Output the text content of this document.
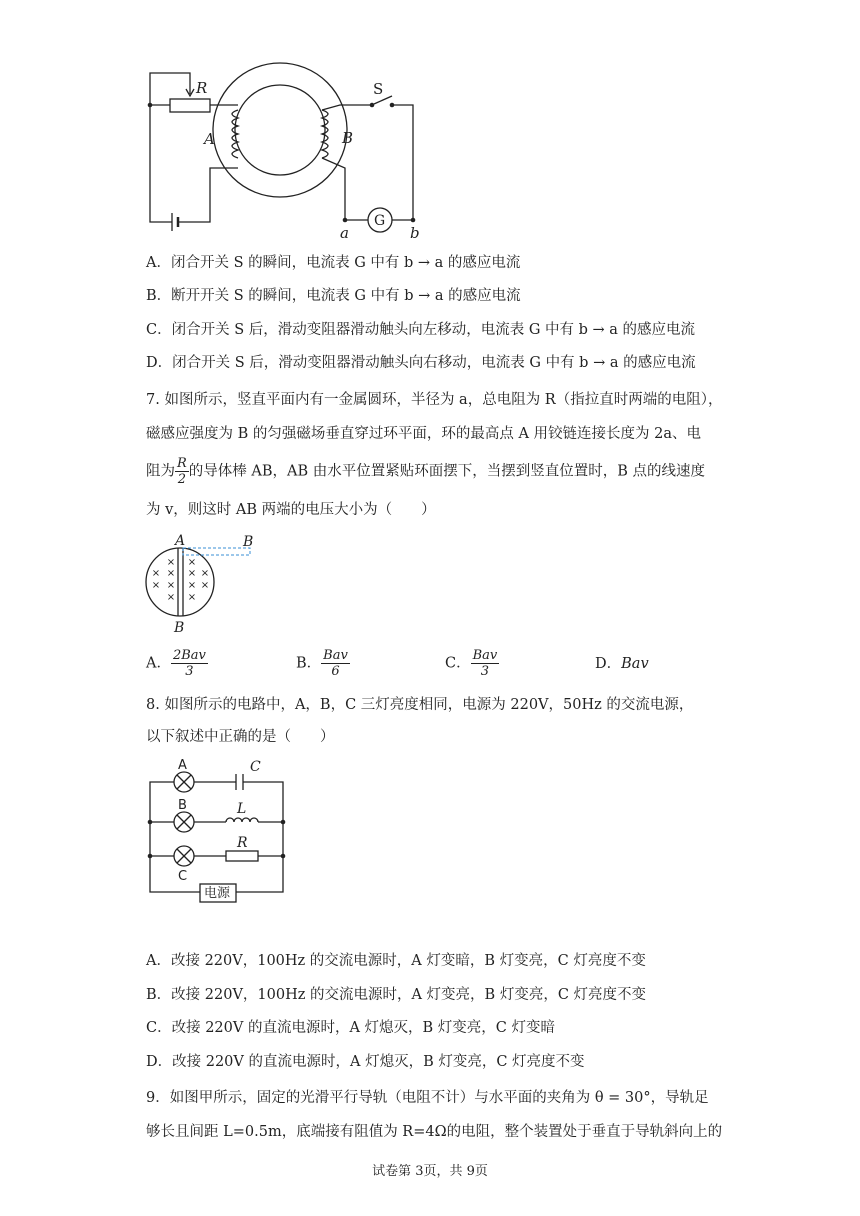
R	S
A	B
G
a	b
A．闭合开关 S 的瞬间，电流表 G 中有 b → a 的感应电流
B．断开开关 S 的瞬间，电流表 G 中有 b → a 的感应电流
C．闭合开关 S 后，滑动变阻器滑动触头向左移动，电流表 G 中有 b → a 的感应电流
D．闭合开关 S 后，滑动变阻器滑动触头向右移动，电流表 G 中有 b → a 的感应电流
7. 如图所示，竖直平面内有一金属圆环，半径为 a，总电阻为 R（指拉直时两端的电阻），
磁感应强度为 B 的匀强磁场垂直穿过环平面，环的最高点 A 用铰链连接长度为 2a、电
阻为 $\frac{R}{2}$ 的导体棒 AB，AB 由水平位置紧贴环面摆下，当摆到竖直位置时，B 点的线速度
为 v，则这时 AB 两端的电压大小为（　　）
× ×
× × × ×
× × × ×
× ×
A	B
B
A． $\frac{\text{2Bav}}{3}$	B． $\frac{\text{Bav}}{6}$	C． $\frac{\text{Bav}}{3}$	D．Bav
8. 如图所示的电路中，A，B，C 三灯亮度相同，电源为 220V，50Hz 的交流电源，
以下叙述中正确的是（　　）
A
B
C
电源
C
L
R
A．改接 220V，100Hz 的交流电源时，A 灯变暗，B 灯变亮，C 灯亮度不变
B．改接 220V，100Hz 的交流电源时，A 灯变亮，B 灯变亮，C 灯亮度不变
C．改接 220V 的直流电源时，A 灯熄灭，B 灯变亮，C 灯变暗
D．改接 220V 的直流电源时，A 灯熄灭，B 灯变亮，C 灯亮度不变
9．如图甲所示，固定的光滑平行导轨（电阻不计）与水平面的夹角为 θ = 30°，导轨足
够长且间距 L=0.5m，底端接有阻值为 R=4Ω的电阻，整个装置处于垂直于导轨斜向上的
试卷第 3页，共 9页
